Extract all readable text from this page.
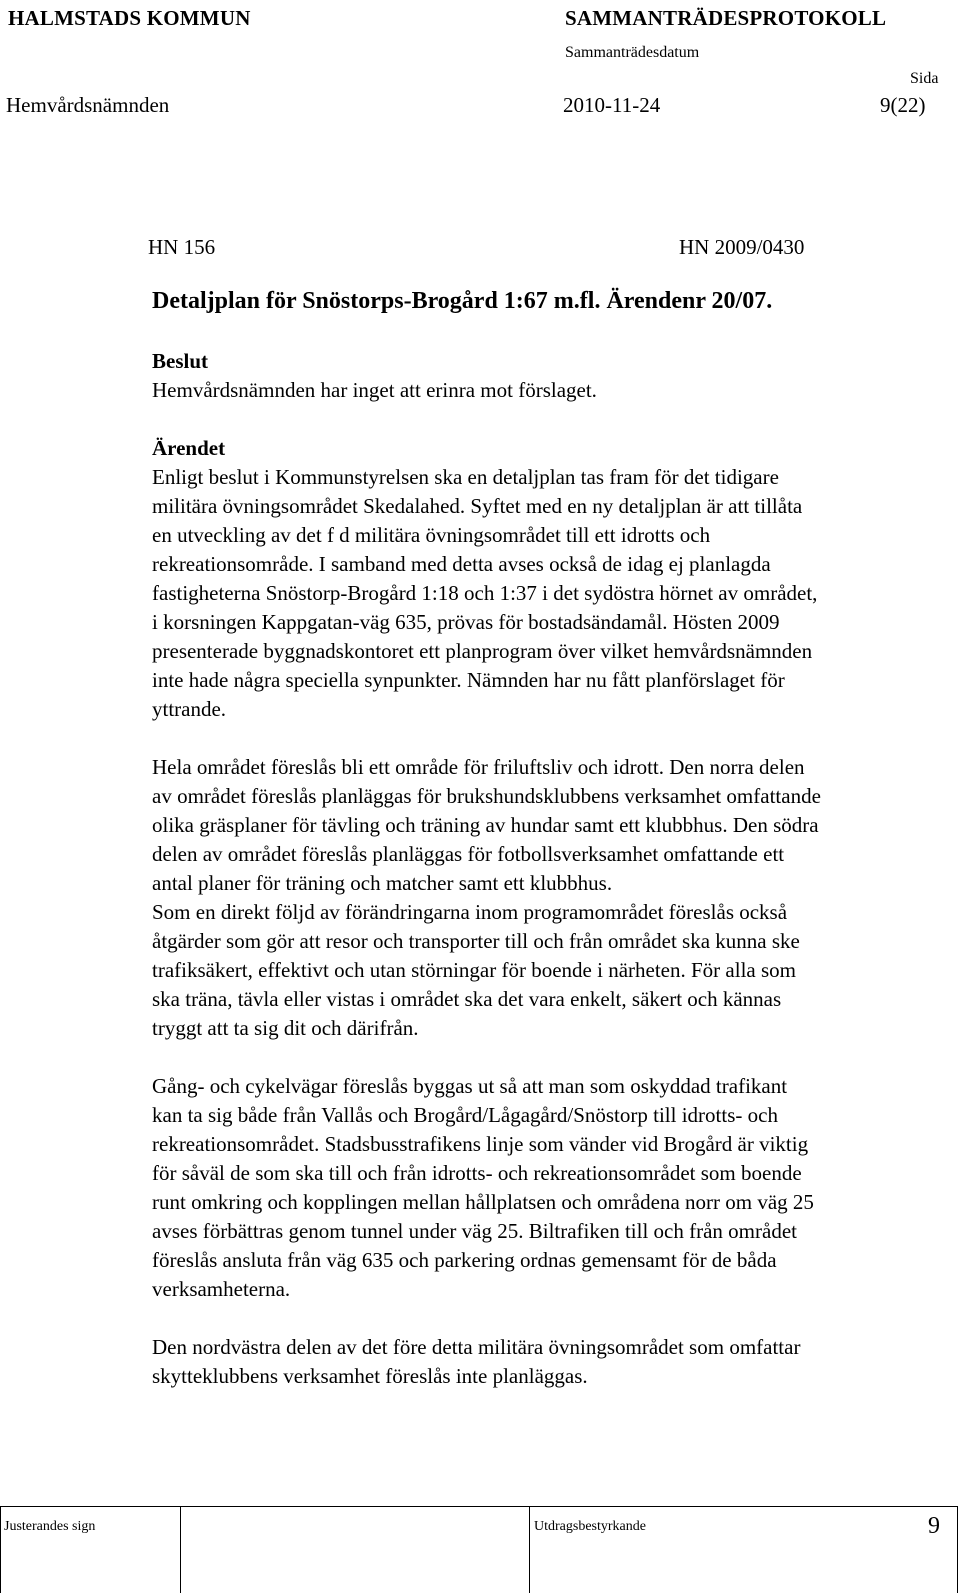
HALMSTADS KOMMUN	SAMMANTRÄDESPROTOKOLL
Sammanträdesdatum
Sida
Hemvårdsnämnden	2010-11-24	9(22)
HN 156	HN 2009/0430
Detaljplan för Snöstorps-Brogård 1:67 m.fl. Ärendenr 20/07.
Beslut
Hemvårdsnämnden har inget att erinra mot förslaget.
Ärendet
Enligt beslut i Kommunstyrelsen ska en detaljplan tas fram för det tidigare
militära övningsområdet Skedalahed. Syftet med en ny detaljplan är att tillåta
en utveckling av det f d militära övningsområdet till ett idrotts och
rekreationsområde. I samband med detta avses också de idag ej planlagda
fastigheterna Snöstorp-Brogård 1:18 och 1:37 i det sydöstra hörnet av området,
i korsningen Kappgatan-väg 635, prövas för bostadsändamål. Hösten 2009
presenterade byggnadskontoret ett planprogram över vilket hemvårdsnämnden
inte hade några speciella synpunkter. Nämnden har nu fått planförslaget för
yttrande.
Hela området föreslås bli ett område för friluftsliv och idrott. Den norra delen
av området föreslås planläggas för brukshundsklubbens verksamhet omfattande
olika gräsplaner för tävling och träning av hundar samt ett klubbhus. Den södra
delen av området föreslås planläggas för fotbollsverksamhet omfattande ett
antal planer för träning och matcher samt ett klubbhus.
Som en direkt följd av förändringarna inom programområdet föreslås också
åtgärder som gör att resor och transporter till och från området ska kunna ske
trafiksäkert, effektivt och utan störningar för boende i närheten. För alla som
ska träna, tävla eller vistas i området ska det vara enkelt, säkert och kännas
tryggt att ta sig dit och därifrån.
Gång- och cykelvägar föreslås byggas ut så att man som oskyddad trafikant
kan ta sig både från Vallås och Brogård/Lågagård/Snöstorp till idrotts- och
rekreationsområdet. Stadsbusstrafikens linje som vänder vid Brogård är viktig
för såväl de som ska till och från idrotts- och rekreationsområdet som boende
runt omkring och kopplingen mellan hållplatsen och områdena norr om väg 25
avses förbättras genom tunnel under väg 25. Biltrafiken till och från området
föreslås ansluta från väg 635 och parkering ordnas gemensamt för de båda
verksamheterna.
Den nordvästra delen av det före detta militära övningsområdet som omfattar
skytteklubbens verksamhet föreslås inte planläggas.
Justerandes sign	Utdragsbestyrkande	9
